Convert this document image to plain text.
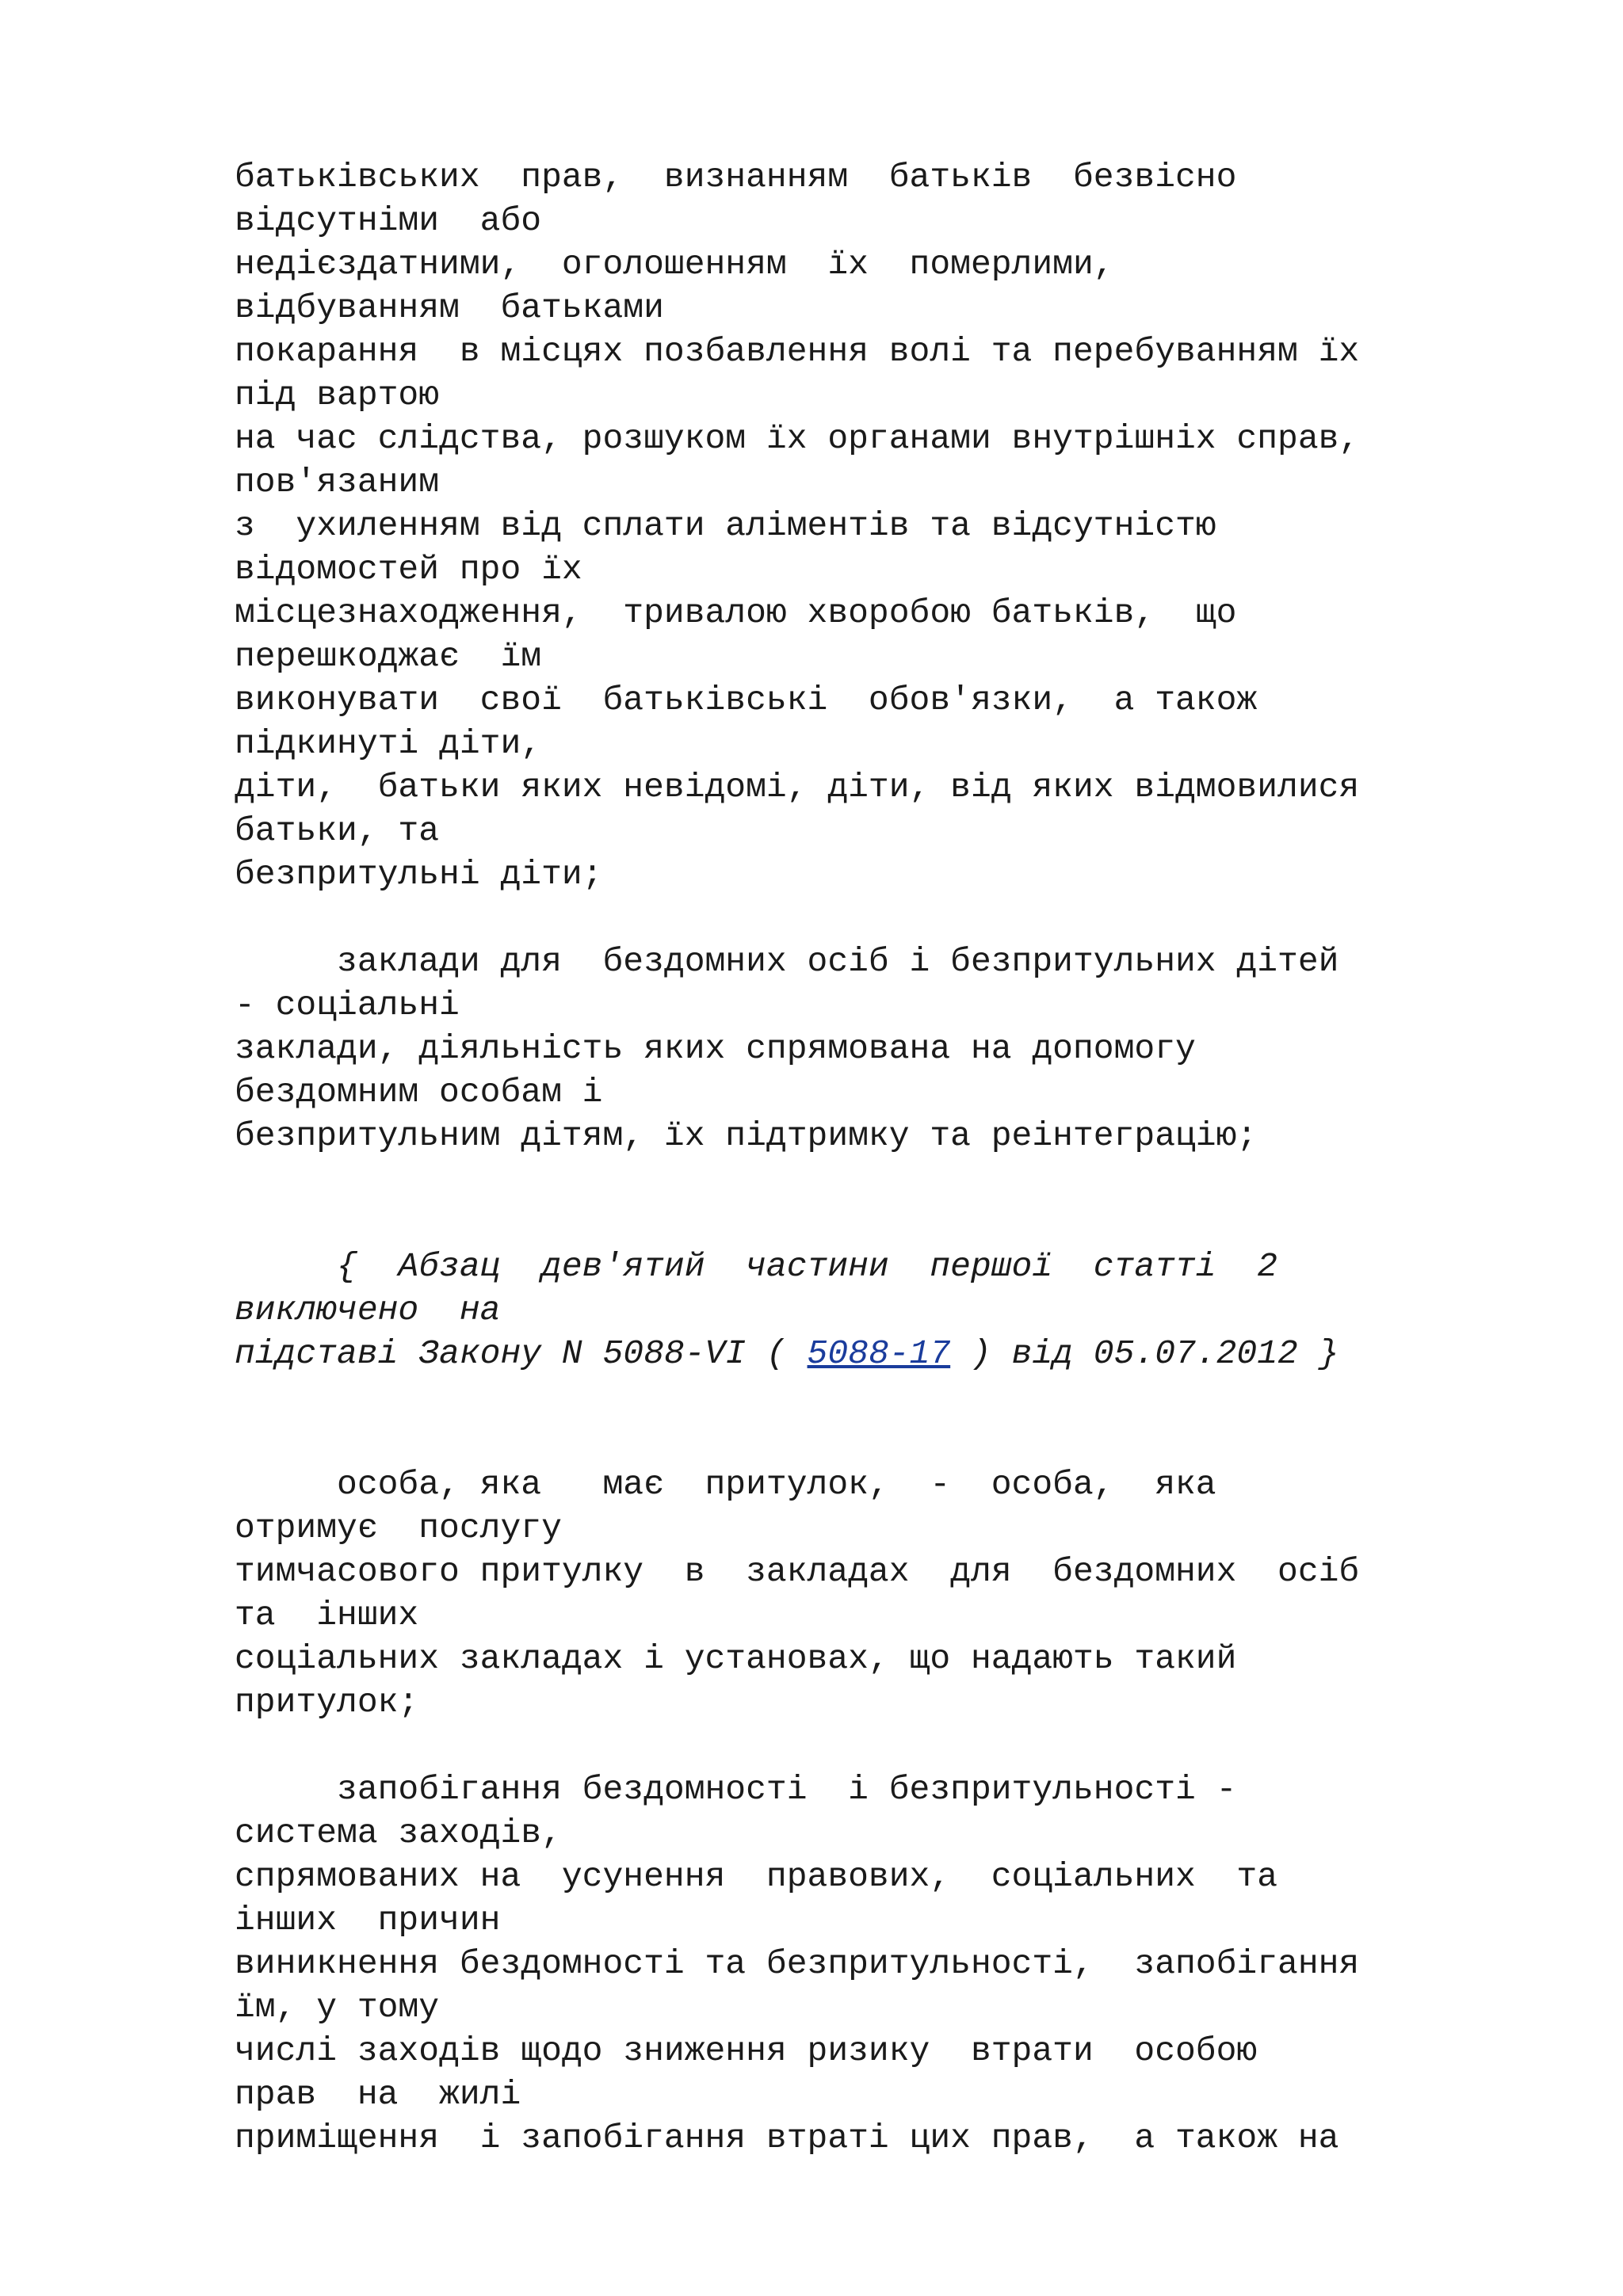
батьківських  прав,  визнанням  батьків  безвісно
відсутніми  або
недієздатними,  оголошенням  їх  померлими,
відбуванням  батьками
покарання  в місцях позбавлення волі та перебуванням їх
під вартою
на час слідства, розшуком їх органами внутрішніх справ,
пов'язаним
з  ухиленням від сплати аліментів та відсутністю
відомостей про їх
місцезнаходження,  тривалою хворобою батьків,  що
перешкоджає  їм
виконувати  свої  батьківські  обов'язки,  а також
підкинуті діти,
діти,  батьки яких невідомі, діти, від яких відмовилися
батьки, та
безпритульні діти;
заклади для  бездомних осіб і безпритульних дітей
- соціальні
заклади, діяльність яких спрямована на допомогу
бездомним особам і
безпритульним дітям, їх підтримку та реінтеграцію;
{  Абзац  дев'ятий  частини  першої  статті  2
виключено  на
підставі Закону N 5088-VI ( 5088-17 ) від 05.07.2012 }
особа, яка   має  притулок,  -  особа,  яка
отримує  послугу
тимчасового притулку  в  закладах  для  бездомних  осіб
та  інших
соціальних закладах і установах, що надають такий
притулок;
запобігання бездомності  і безпритульності -
система заходів,
спрямованих на  усунення  правових,  соціальних  та
інших  причин
виникнення бездомності та безпритульності,  запобігання
їм, у тому
числі заходів щодо зниження ризику  втрати  особою
прав  на  жилі
приміщення  і запобігання втраті цих прав,  а також на
